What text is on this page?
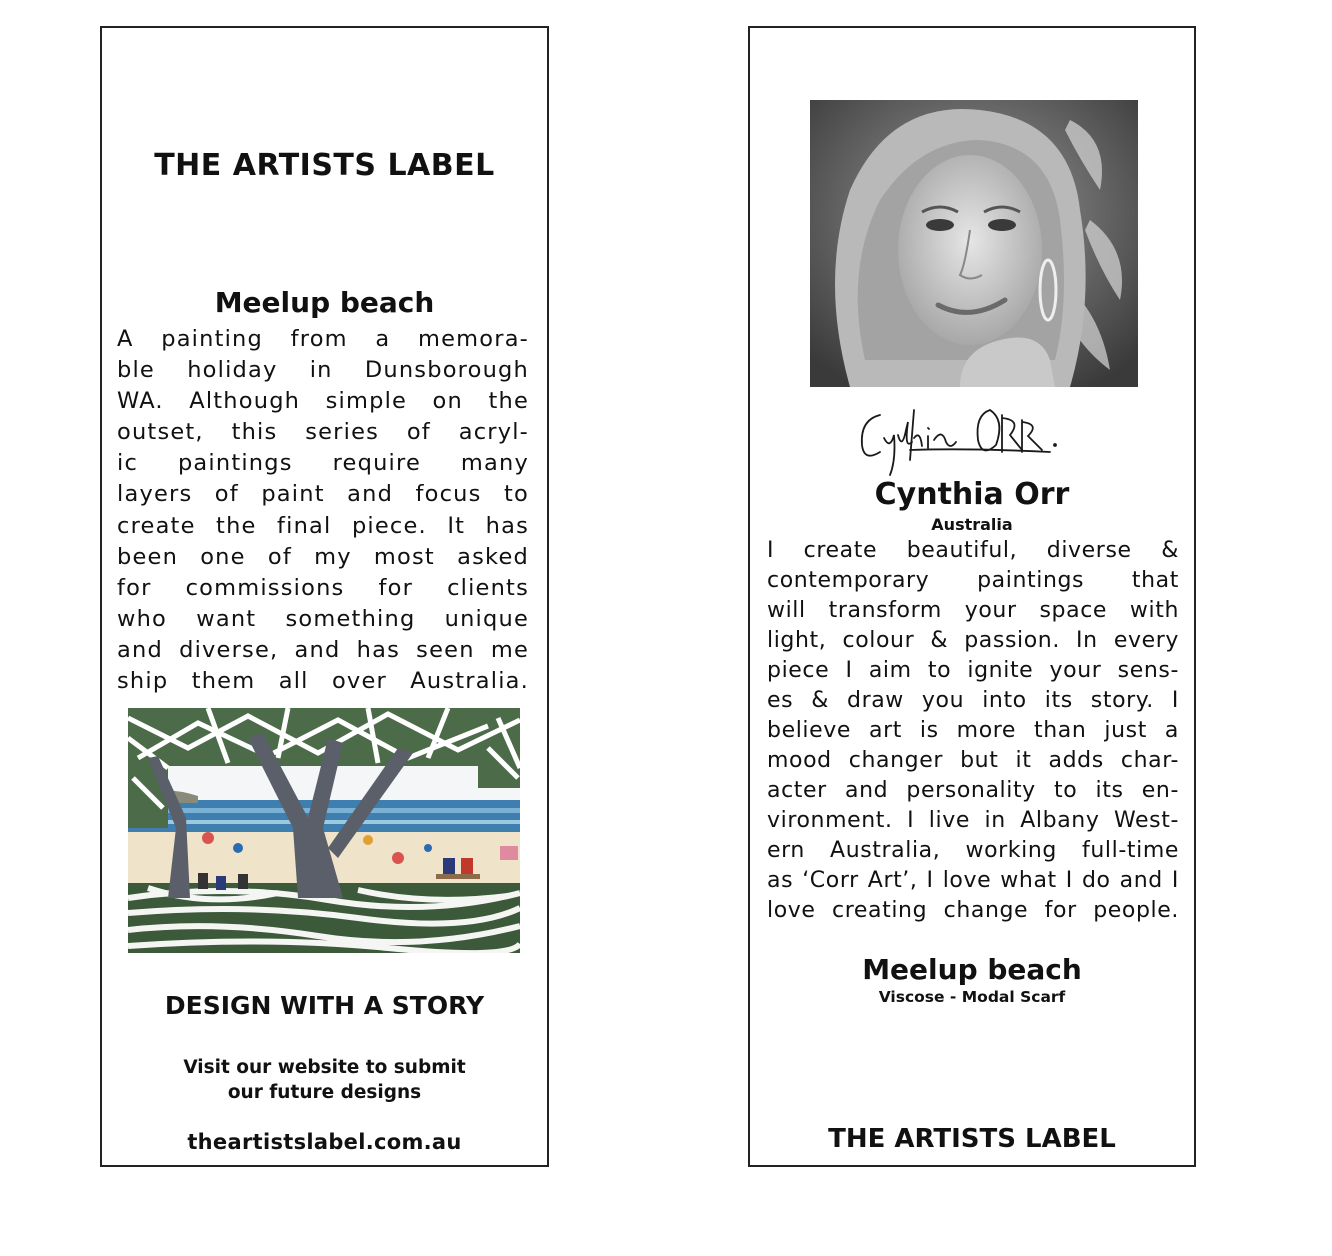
THE ARTISTS LABEL
Meelup beach
A painting from a memora-
ble holiday in Dunsborough
WA. Although simple on the
outset, this series of acryl-
ic paintings require many
layers of paint and focus to
create the final piece. It has
been one of my most asked
for commissions for clients
who want something unique
and diverse, and has seen me
ship them all over Australia.
DESIGN WITH A STORY
Visit our website to submit
our future designs
theartistslabel.com.au
Cynthia Orr
Australia
I create beautiful, diverse &
contemporary paintings that
will transform your space with
light, colour & passion. In every
piece I aim to ignite your sens-
es & draw you into its story. I
believe art is more than just a
mood changer but it adds char-
acter and personality to its en-
vironment. I live in Albany West-
ern Australia, working full-time
as ‘Corr Art’, I love what I do and I
love creating change for people.
Meelup beach
Viscose - Modal Scarf
THE ARTISTS LABEL
